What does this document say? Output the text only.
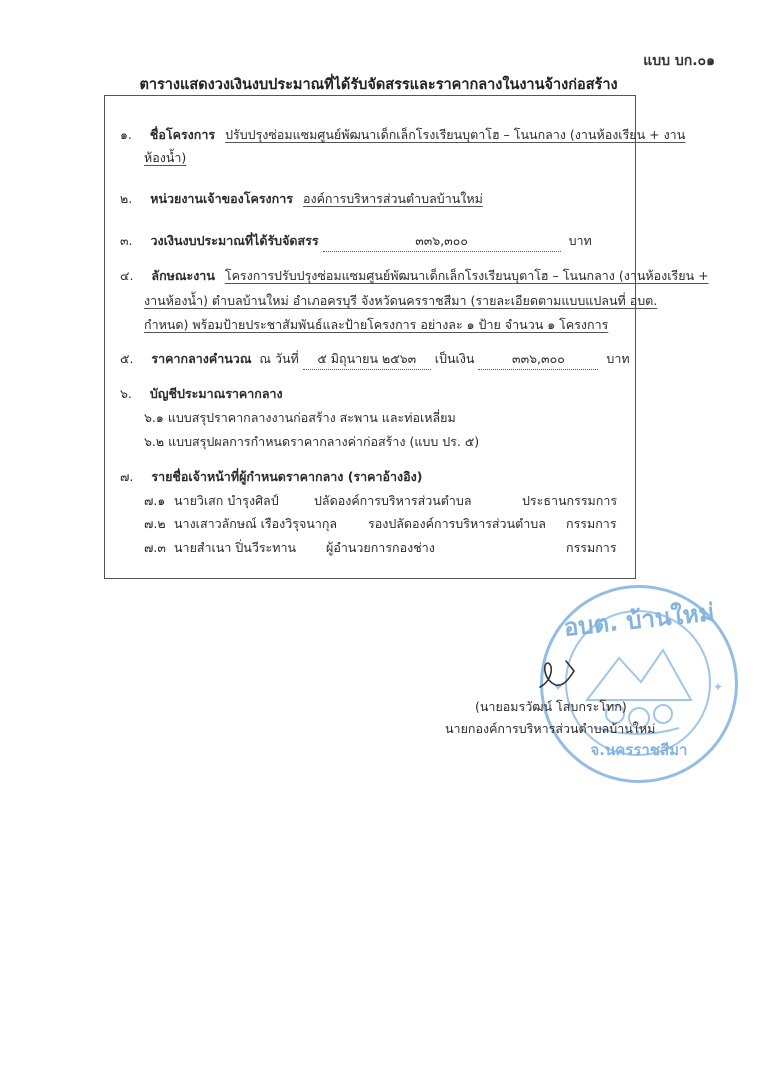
แบบ บก.๐๑
ตารางแสดงวงเงินงบประมาณที่ได้รับจัดสรรและราคากลางในงานจ้างก่อสร้าง
๑. ชื่อโครงการ ปรับปรุงซ่อมแซมศูนย์พัฒนาเด็กเล็กโรงเรียนบุตาโฮ – โนนกลาง (งานห้องเรียน + งาน
ห้องน้ำ)
๒. หน่วยงานเจ้าของโครงการ องค์การบริหารส่วนตำบลบ้านใหม่
๓. วงเงินงบประมาณที่ได้รับจัดสรร	๓๓๖,๓๐๐	บาท
๔. ลักษณะงาน โครงการปรับปรุงซ่อมแซมศูนย์พัฒนาเด็กเล็กโรงเรียนบุตาโฮ – โนนกลาง (งานห้องเรียน +
งานห้องน้ำ) ตำบลบ้านใหม่ อำเภอครบุรี จังหวัดนครราชสีมา (รายละเอียดตามแบบแปลนที่ อบต.
กำหนด) พร้อมป้ายประชาสัมพันธ์และป้ายโครงการ อย่างละ ๑ ป้าย จำนวน ๑ โครงการ
๕. ราคากลางคำนวณ ณ วันที่ ๕ มิถุนายน ๒๕๖๓ เป็นเงิน	๓๓๖,๓๐๐	บาท
๖. บัญชีประมาณราคากลาง
๖.๑ แบบสรุปราคากลางงานก่อสร้าง สะพาน และท่อเหลี่ยม
๖.๒ แบบสรุปผลการกำหนดราคากลางค่าก่อสร้าง (แบบ ปร. ๕)
๗. รายชื่อเจ้าหน้าที่ผู้กำหนดราคากลาง (ราคาอ้างอิง)
๗.๑ นายวิเสก บำรุงศิลป์	ปลัดองค์การบริหารส่วนตำบล	ประธานกรรมการ
๗.๒ นางเสาวลักษณ์ เรืองวิรุจนากุล รองปลัดองค์การบริหารส่วนตำบล กรรมการ
๗.๓ นายสำเนา ปิ่นวีระทาน ผู้อำนวยการกองช่าง	กรรมการ
อบต. บ้านใหม่
จ.นครราชสีมา
✦	✦
(นายอมรวัฒน์ โสบกระโทก)
นายกองค์การบริหารส่วนตำบลบ้านใหม่
